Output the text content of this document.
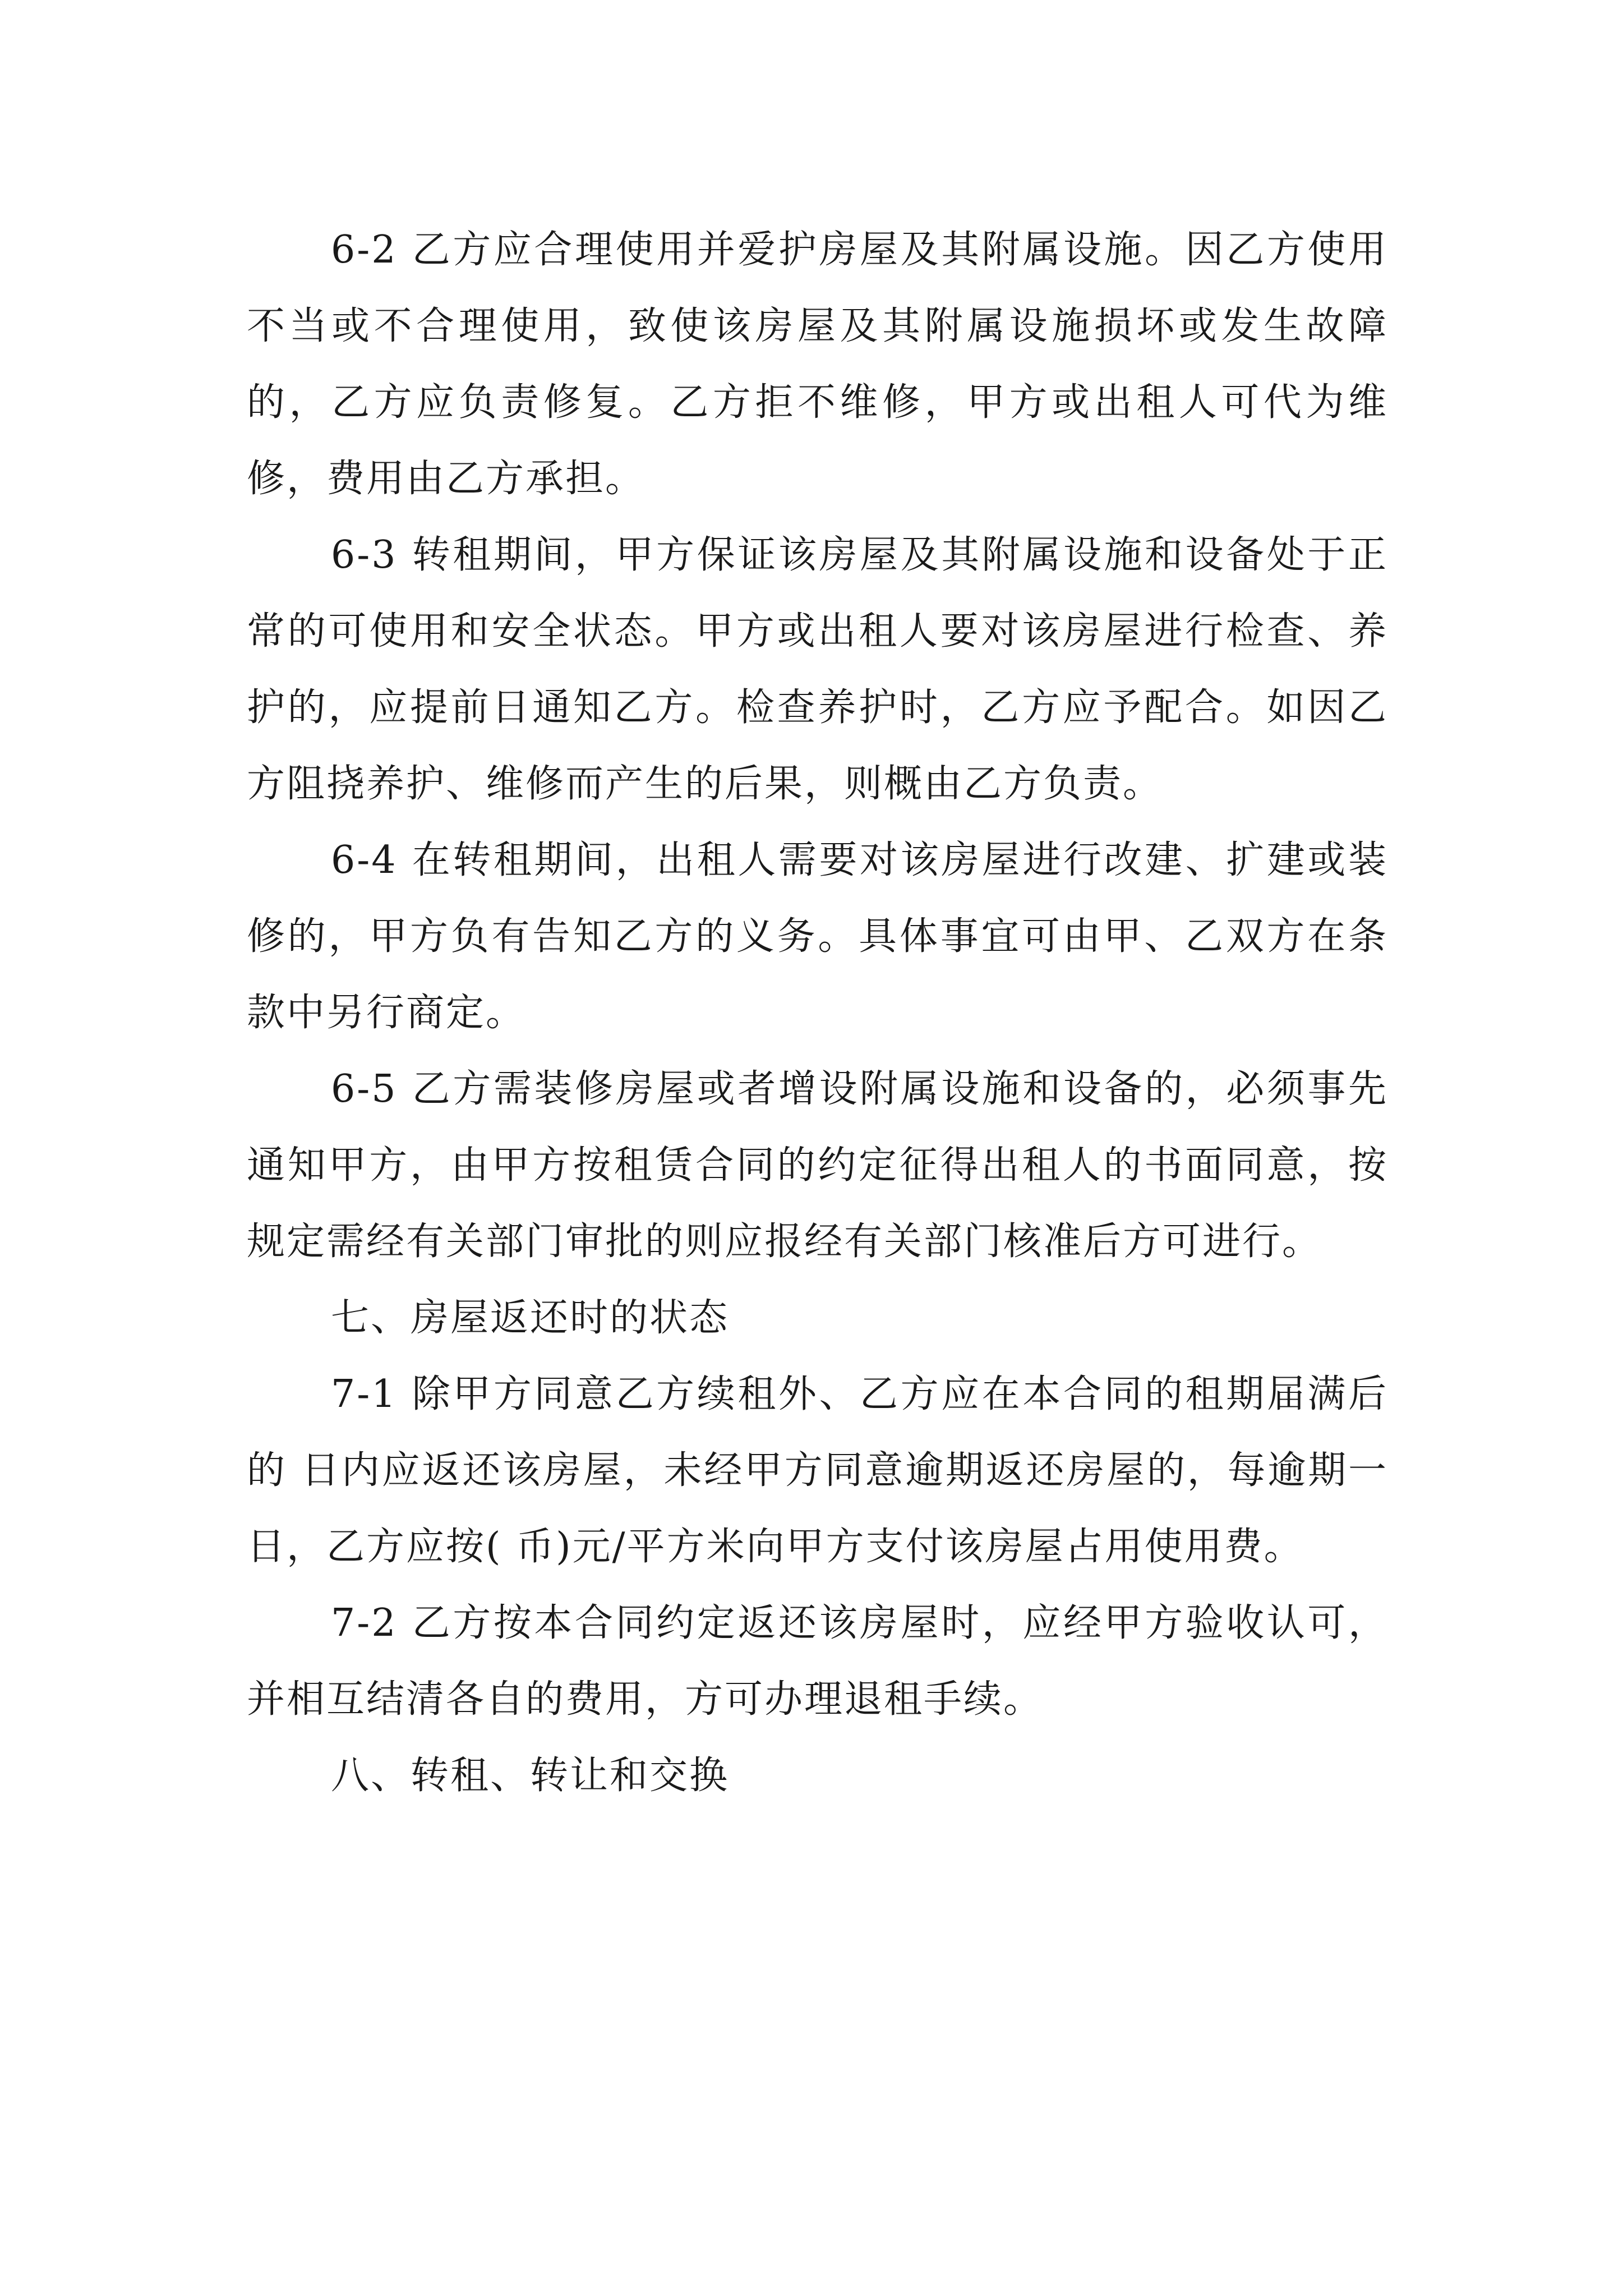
6-2 乙方应合理使用并爱护房屋及其附属设施。因乙方使用不当或不合理使用，致使该房屋及其附属设施损坏或发生故障的，乙方应负责修复。乙方拒不维修，甲方或出租人可代为维修，费用由乙方承担。

6-3 转租期间，甲方保证该房屋及其附属设施和设备处于正常的可使用和安全状态。甲方或出租人要对该房屋进行检查、养护的，应提前日通知乙方。检查养护时，乙方应予配合。如因乙方阻挠养护、维修而产生的后果，则概由乙方负责。

6-4 在转租期间，出租人需要对该房屋进行改建、扩建或装修的，甲方负有告知乙方的义务。具体事宜可由甲、乙双方在条款中另行商定。

6-5 乙方需装修房屋或者增设附属设施和设备的，必须事先通知甲方，由甲方按租赁合同的约定征得出租人的书面同意，按规定需经有关部门审批的则应报经有关部门核准后方可进行。

七、房屋返还时的状态

7-1 除甲方同意乙方续租外、乙方应在本合同的租期届满后的 日内应返还该房屋，未经甲方同意逾期返还房屋的，每逾期一日，乙方应按( 币)元/平方米向甲方支付该房屋占用使用费。

7-2 乙方按本合同约定返还该房屋时，应经甲方验收认可，并相互结清各自的费用，方可办理退租手续。

八、转租、转让和交换
